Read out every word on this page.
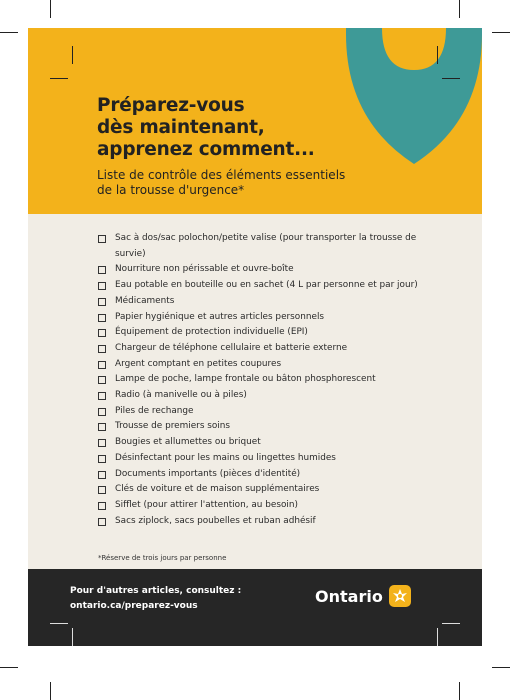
Préparez-vous
dès maintenant,
apprenez comment...

Liste de contrôle des éléments essentiels
de la trousse d'urgence*

Sac à dos/sac polochon/petite valise (pour transporter la trousse de survie)
Nourriture non périssable et ouvre-boîte
Eau potable en bouteille ou en sachet (4 L par personne et par jour)
Médicaments
Papier hygiénique et autres articles personnels
Équipement de protection individuelle (EPI)
Chargeur de téléphone cellulaire et batterie externe
Argent comptant en petites coupures
Lampe de poche, lampe frontale ou bâton phosphorescent
Radio (à manivelle ou à piles)
Piles de rechange
Trousse de premiers soins
Bougies et allumettes ou briquet
Désinfectant pour les mains ou lingettes humides
Documents importants (pièces d'identité)
Clés de voiture et de maison supplémentaires
Sifflet (pour attirer l'attention, au besoin)
Sacs ziplock, sacs poubelles et ruban adhésif

*Réserve de trois jours par personne

Pour d'autres articles, consultez :
ontario.ca/preparez-vous

Ontario
